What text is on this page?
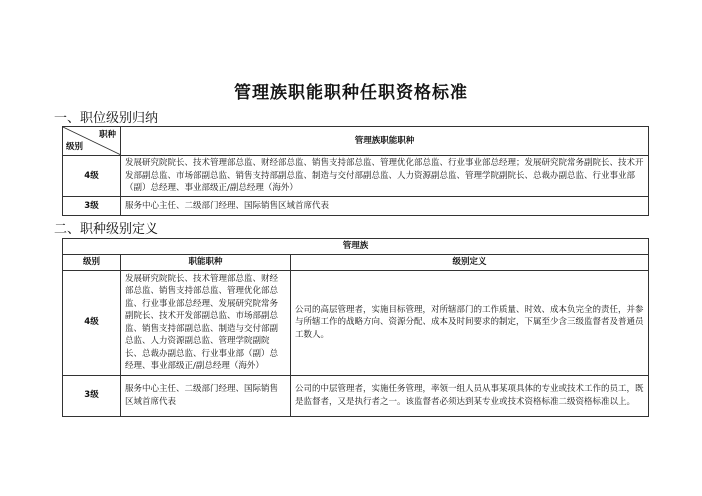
管理族职能职种任职资格标准
一、职位级别归纳
职种
级别	管理族职能职种
4级	发展研究院院长、技术管理部总监、财经部总监、销售支持部总监、管理优化部总监、行业事业部总经理；发展研究院常务副院长、技术开发部副总监、市场部副总监、销售支持部副总监、制造与交付部副总监、人力资源副总监、管理学院副院长、总裁办副总监、行业事业部（副）总经理、事业部级正/副总经理（海外）
3级	服务中心主任、二级部门经理、国际销售区域首席代表
二、职种级别定义
管理族		
级别	职能职种	级别定义
4级	发展研究院院长、技术管理部总监、财经部总监、销售支持部总监、管理优化部总监、行业事业部总经理、发展研究院常务副院长、技术开发部副总监、市场部副总监、销售支持部副总监、制造与交付部副总监、人力资源副总监、管理学院副院长、总裁办副总监、行业事业部（副）总经理、事业部级正/副总经理（海外）	公司的高层管理者，实施目标管理，对所辖部门的工作质量、时效、成本负完全的责任，并参与所辖工作的战略方向、资源分配、成本及时间要求的制定，下属至少含三级监督者及普通员工数人。
3级	服务中心主任、二级部门经理、国际销售区域首席代表	公司的中层管理者，实施任务管理，率领一组人员从事某项具体的专业或技术工作的员工，既是监督者，又是执行者之一。该监督者必须达到某专业或技术资格标准二级资格标准以上。
